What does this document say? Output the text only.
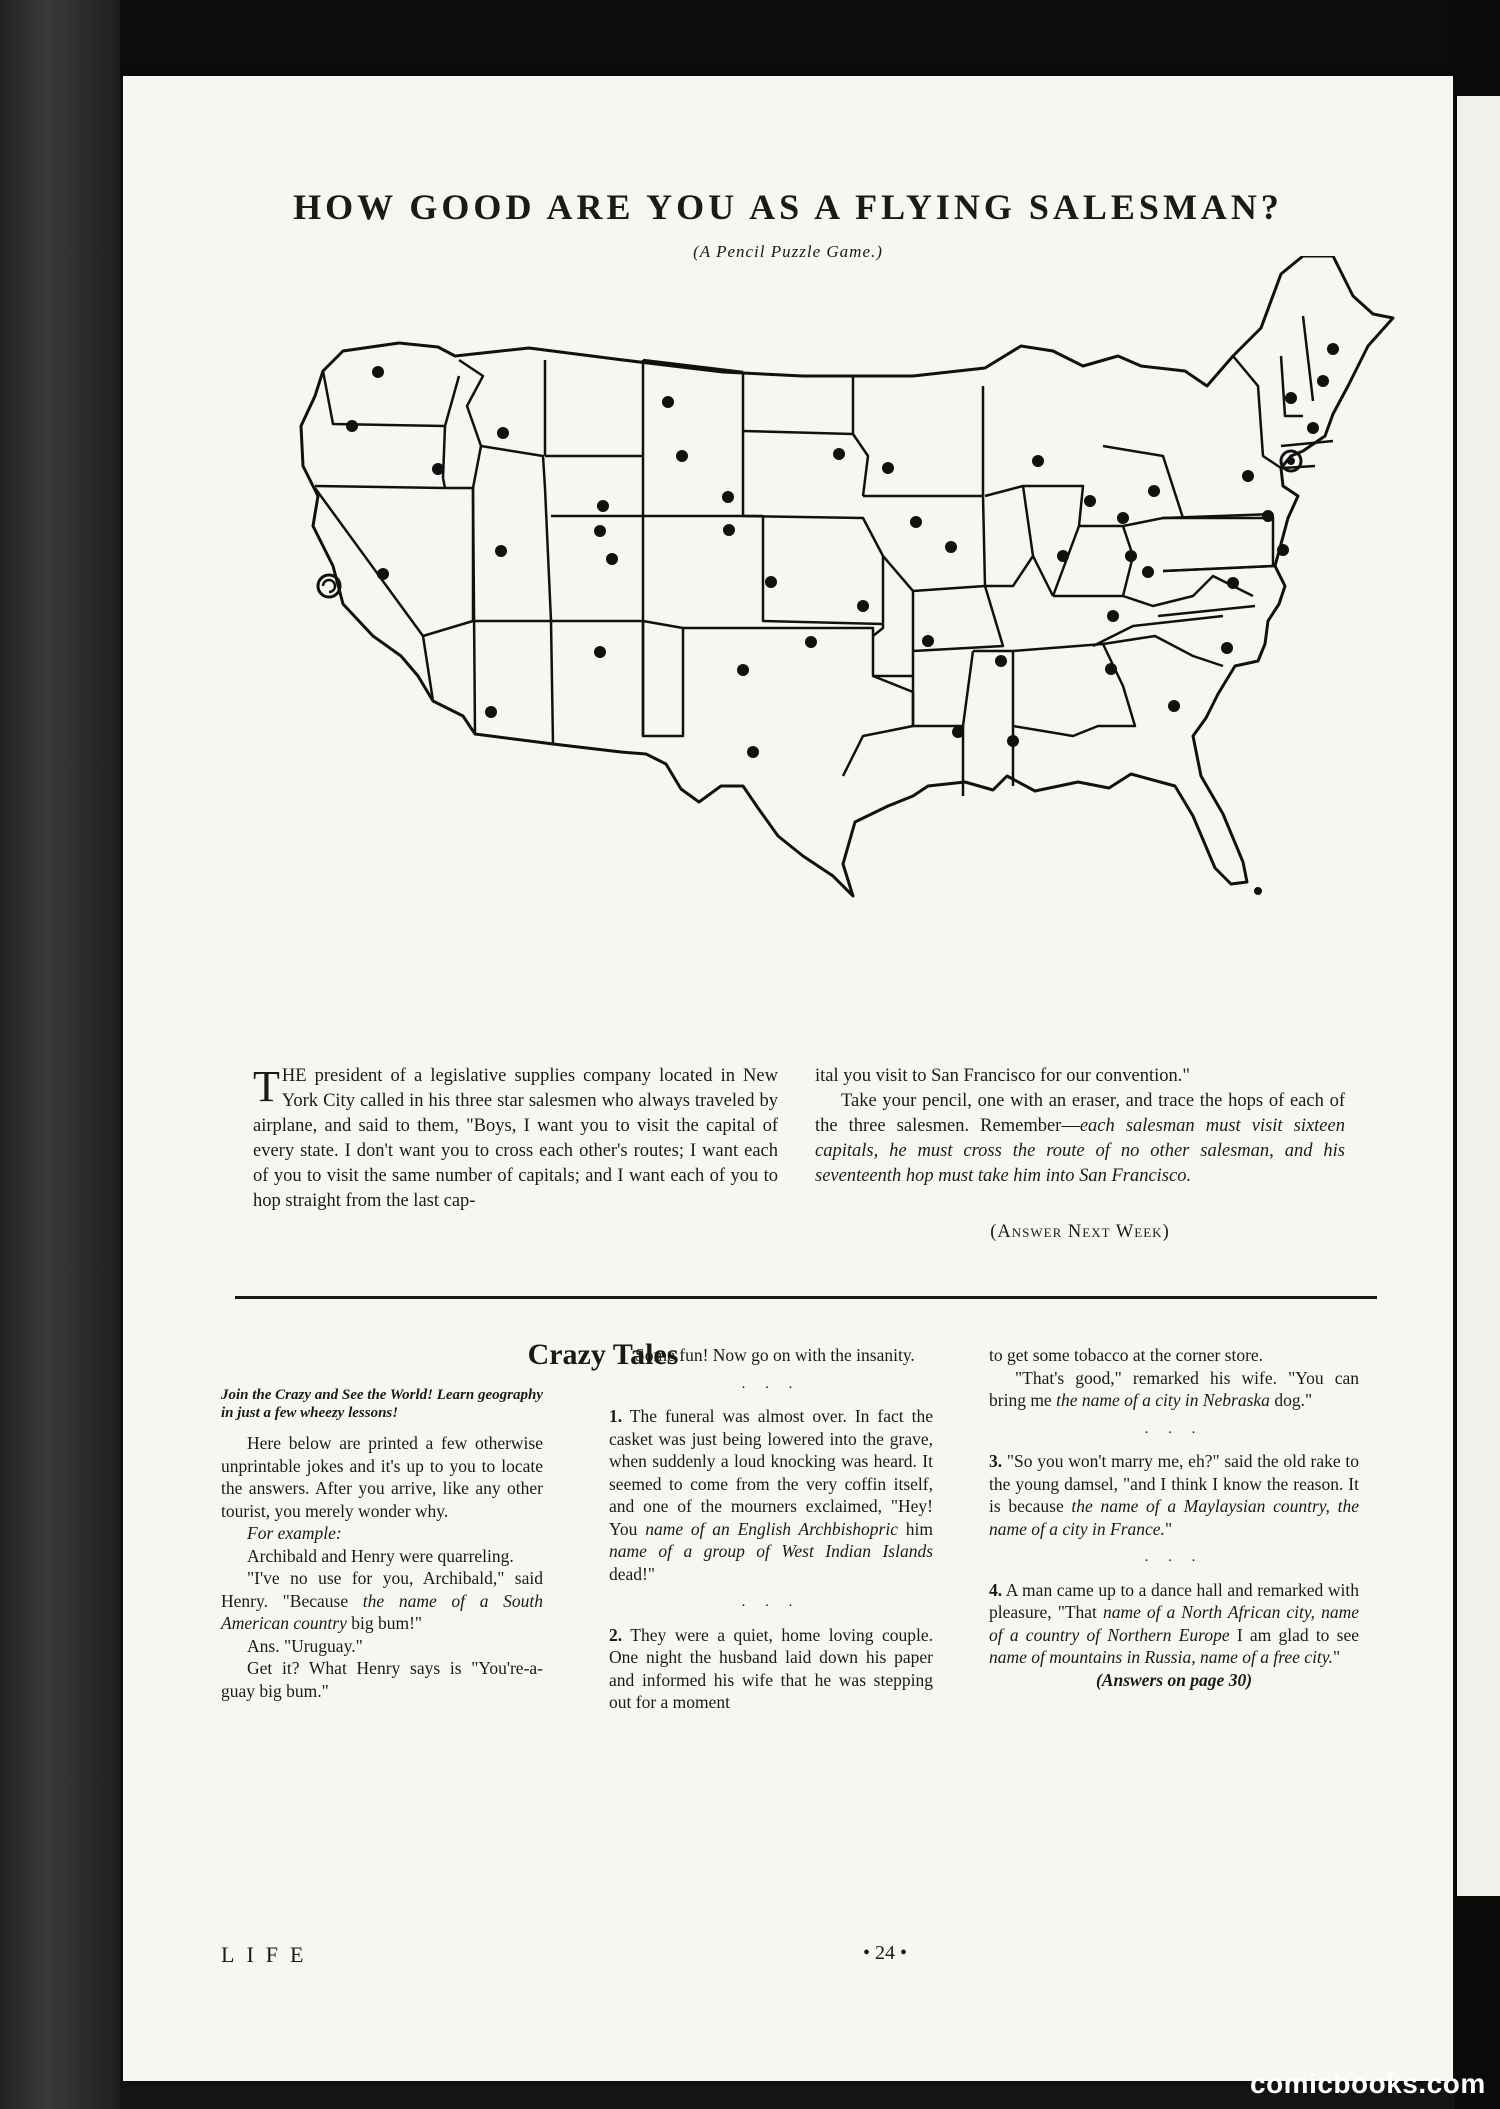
HOW GOOD ARE YOU AS A FLYING SALESMAN?
(A Pencil Puzzle Game.)
THE president of a legislative supplies company located in New York City called in his three star salesmen who always traveled by airplane, and said to them, "Boys, I want you to visit the capital of every state. I don't want you to cross each other's routes; I want each of you to visit the same number of capitals; and I want each of you to hop straight from the last cap-
ital you visit to San Francisco for our convention."
Take your pencil, one with an eraser, and trace the hops of each of the three salesmen. Remember—each salesman must visit sixteen capitals, he must cross the route of no other salesman, and his seventeenth hop must take him into San Francisco.
(Answer Next Week)
Crazy Tales
Join the Crazy and See the World! Learn geography in just a few wheezy lessons!

Here below are printed a few otherwise unprintable jokes and it's up to you to locate the answers. After you arrive, like any other tourist, you merely wonder why.

For example:

Archibald and Henry were quarreling.

"I've no use for you, Archibald," said Henry. "Because the name of a South American country big bum!"

Ans. "Uruguay."

Get it? What Henry says is "You're-a-guay big bum."

Some fun! Now go on with the insanity.

. . .

1. The funeral was almost over. In fact the casket was just being lowered into the grave, when suddenly a loud knocking was heard. It seemed to come from the very coffin itself, and one of the mourners exclaimed, "Hey! You name of an English Archbishopric him name of a group of West Indian Islands dead!"

. . .

2. They were a quiet, home loving couple. One night the husband laid down his paper and informed his wife that he was stepping out for a moment

to get some tobacco at the corner store.

"That's good," remarked his wife. "You can bring me the name of a city in Nebraska dog."

. . .

3. "So you won't marry me, eh?" said the old rake to the young damsel, "and I think I know the reason. It is because the name of a Maylaysian country, the name of a city in France."

. . .

4. A man came up to a dance hall and remarked with pleasure, "That name of a North African city, name of a country of Northern Europe I am glad to see name of mountains in Russia, name of a free city."

(Answers on page 30)

LIFE	• 24 •
comicbooks.com
